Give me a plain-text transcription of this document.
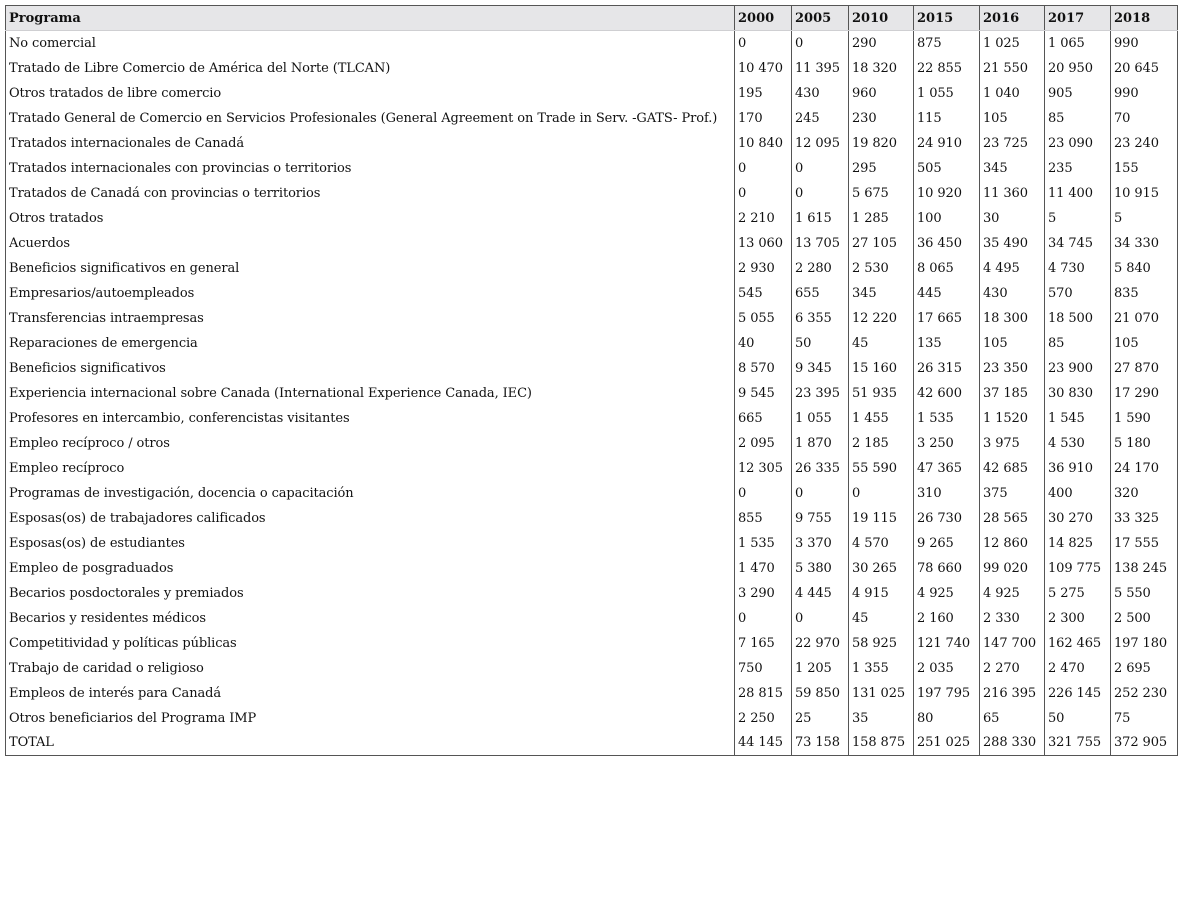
Programa	2000	2005	2010	2015	2016	2017	2018
No comercial	0	0	290	875	1 025	1 065	990
Tratado de Libre Comercio de América del Norte (TLCAN)	10 470	11 395	18 320	22 855	21 550	20 950	20 645
Otros tratados de libre comercio	195	430	960	1 055	1 040	905	990
Tratado General de Comercio en Servicios Profesionales (General Agreement on Trade in Serv. -GATS- Prof.)	170	245	230	115	105	85	70
Tratados internacionales de Canadá	10 840	12 095	19 820	24 910	23 725	23 090	23 240
Tratados internacionales con provincias o territorios	0	0	295	505	345	235	155
Tratados de Canadá con provincias o territorios	0	0	5 675	10 920	11 360	11 400	10 915
Otros tratados	2 210	1 615	1 285	100	30	5	5
Acuerdos	13 060	13 705	27 105	36 450	35 490	34 745	34 330
Beneficios significativos en general	2 930	2 280	2 530	8 065	4 495	4 730	5 840
Empresarios/autoempleados	545	655	345	445	430	570	835
Transferencias intraempresas	5 055	6 355	12 220	17 665	18 300	18 500	21 070
Reparaciones de emergencia	40	50	45	135	105	85	105
Beneficios significativos	8 570	9 345	15 160	26 315	23 350	23 900	27 870
Experiencia internacional sobre Canada (International Experience Canada, IEC)	9 545	23 395	51 935	42 600	37 185	30 830	17 290
Profesores en intercambio, conferencistas visitantes	665	1 055	1 455	1 535	1 1520	1 545	1 590
Empleo recíproco / otros	2 095	1 870	2 185	3 250	3 975	4 530	5 180
Empleo recíproco	12 305	26 335	55 590	47 365	42 685	36 910	24 170
Programas de investigación, docencia o capacitación	0	0	0	310	375	400	320
Esposas(os) de trabajadores calificados	855	9 755	19 115	26 730	28 565	30 270	33 325
Esposas(os) de estudiantes	1 535	3 370	4 570	9 265	12 860	14 825	17 555
Empleo de posgraduados	1 470	5 380	30 265	78 660	99 020	109 775	138 245
Becarios posdoctorales y premiados	3 290	4 445	4 915	4 925	4 925	5 275	5 550
Becarios y residentes médicos	0	0	45	2 160	2 330	2 300	2 500
Competitividad y políticas públicas	7 165	22 970	58 925	121 740	147 700	162 465	197 180
Trabajo de caridad o religioso	750	1 205	1 355	2 035	2 270	2 470	2 695
Empleos de interés para Canadá	28 815	59 850	131 025	197 795	216 395	226 145	252 230
Otros beneficiarios del Programa IMP	2 250	25	35	80	65	50	75
TOTAL	44 145	73 158	158 875	251 025	288 330	321 755	372 905
